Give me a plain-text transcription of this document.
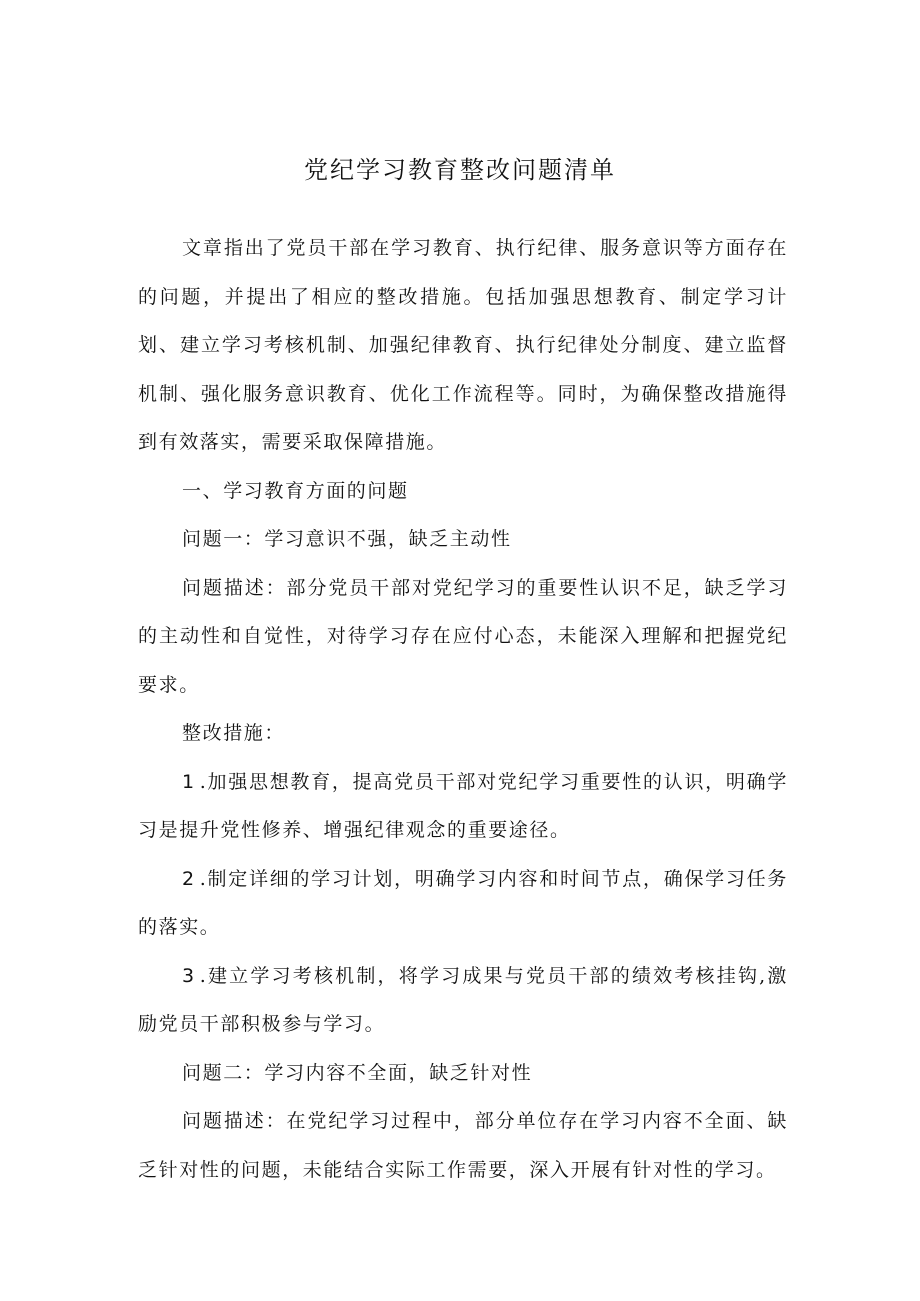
党纪学习教育整改问题清单

文章指出了党员干部在学习教育、执行纪律、服务意识等方面存在的问题，并提出了相应的整改措施。包括加强思想教育、制定学习计划、建立学习考核机制、加强纪律教育、执行纪律处分制度、建立监督机制、强化服务意识教育、优化工作流程等。同时，为确保整改措施得到有效落实，需要采取保障措施。

一、学习教育方面的问题

问题一：学习意识不强，缺乏主动性

问题描述：部分党员干部对党纪学习的重要性认识不足，缺乏学习的主动性和自觉性，对待学习存在应付心态，未能深入理解和把握党纪要求。

整改措施：

1 .加强思想教育，提高党员干部对党纪学习重要性的认识，明确学习是提升党性修养、增强纪律观念的重要途径。

2 .制定详细的学习计划，明确学习内容和时间节点，确保学习任务的落实。

3 .建立学习考核机制，将学习成果与党员干部的绩效考核挂钩,激励党员干部积极参与学习。

问题二：学习内容不全面，缺乏针对性

问题描述：在党纪学习过程中，部分单位存在学习内容不全面、缺乏针对性的问题，未能结合实际工作需要，深入开展有针对性的学习。
